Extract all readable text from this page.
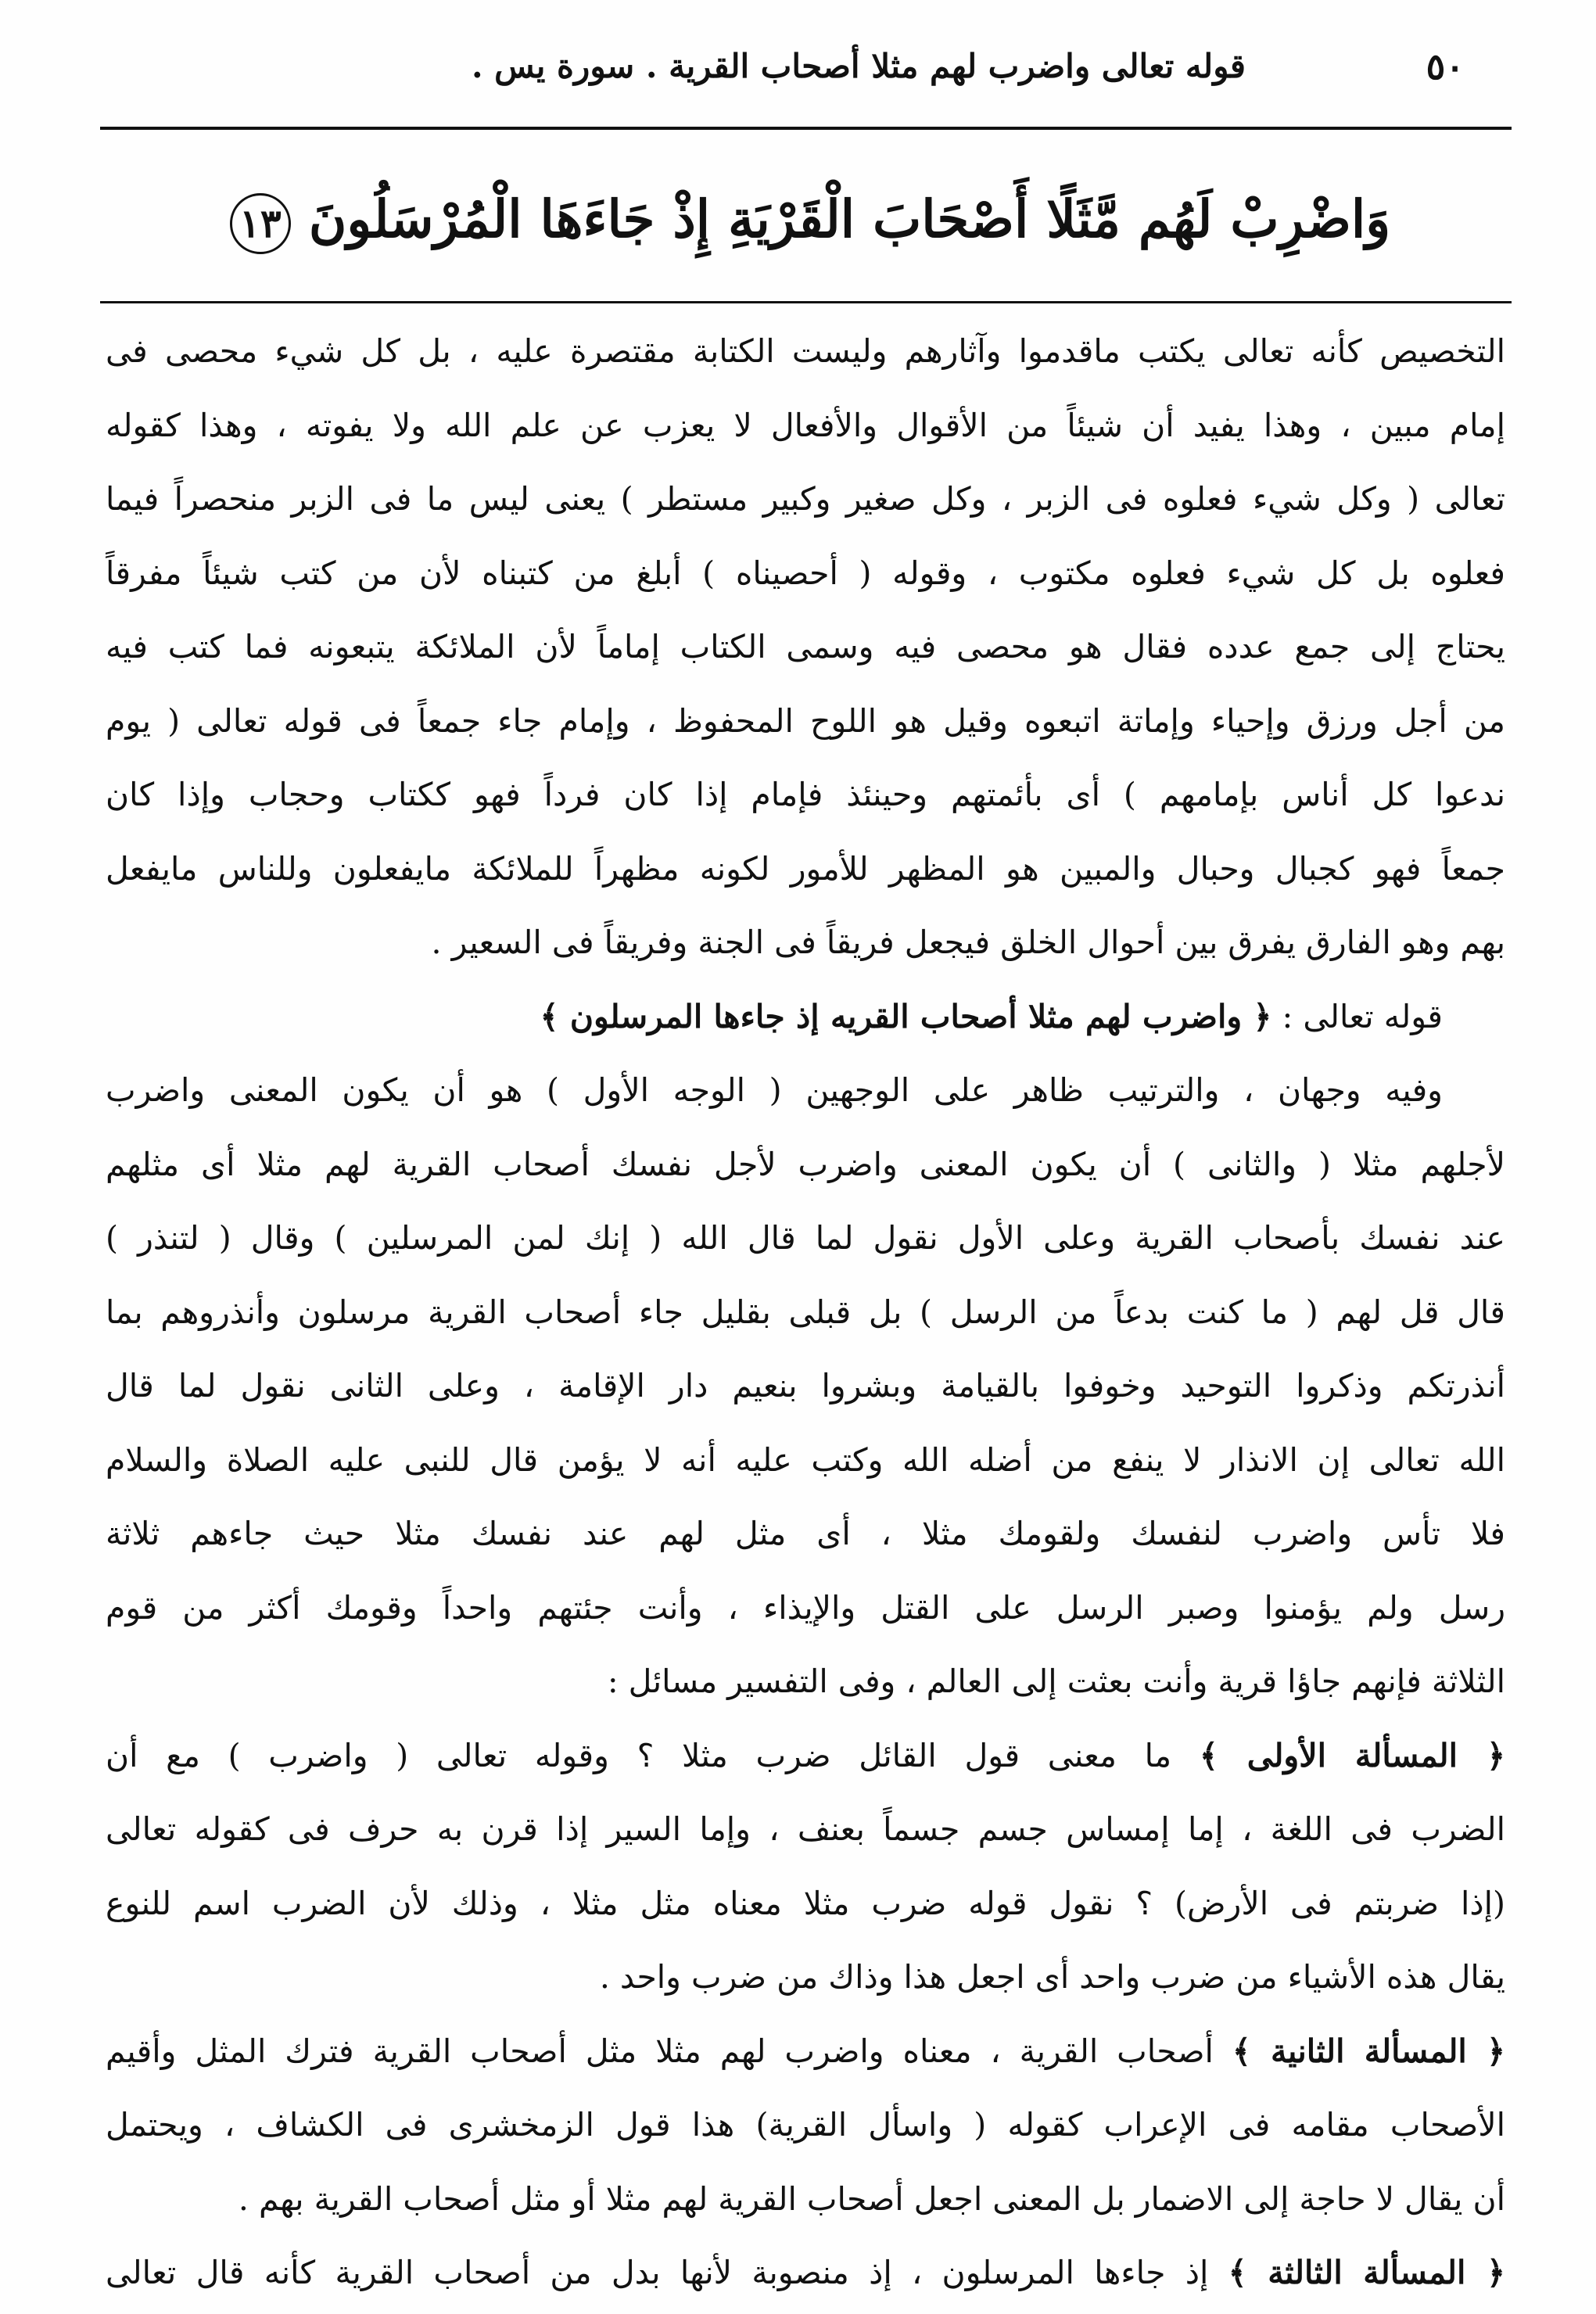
٥٠
قوله تعالى واضرب لهم مثلا أصحاب القرية . سورة يس .
وَاضْرِبْ لَهُم مَّثَلًا أَصْحَابَ الْقَرْيَةِ إِذْ جَاءَهَا الْمُرْسَلُونَ ١٣
التخصيص كأنه تعالى يكتب ماقدموا وآثارهم وليست الكتابة مقتصرة عليه ، بل كل شيء محصى فى
إمام مبين ، وهذا يفيد أن شيئاً من الأقوال والأفعال لا يعزب عن علم الله ولا يفوته ، وهذا كقوله
تعالى ( وكل شيء فعلوه فى الزبر ، وكل صغير وكبير مستطر ) يعنى ليس ما فى الزبر منحصراً فيما
فعلوه بل كل شيء فعلوه مكتوب ، وقوله ( أحصيناه ) أبلغ من كتبناه لأن من كتب شيئاً مفرقاً
يحتاج إلى جمع عدده فقال هو محصى فيه وسمى الكتاب إماماً لأن الملائكة يتبعونه فما كتب فيه
من أجل ورزق وإحياء وإماتة اتبعوه وقيل هو اللوح المحفوظ ، وإمام جاء جمعاً فى قوله تعالى ( يوم
ندعوا كل أناس بإمامهم ) أى بأئمتهم وحينئذ فإمام إذا كان فرداً فهو ككتاب وحجاب وإذا كان
جمعاً فهو كجبال وحبال والمبين هو المظهر للأمور لكونه مظهراً للملائكة مايفعلون وللناس مايفعل
بهم وهو الفارق يفرق بين أحوال الخلق فيجعل فريقاً فى الجنة وفريقاً فى السعير .
قوله تعالى : ﴿ واضرب لهم مثلا أصحاب القريه إذ جاءها المرسلون ﴾
وفيه وجهان ، والترتيب ظاهر على الوجهين ( الوجه الأول ) هو أن يكون المعنى واضرب
لأجلهم مثلا ( والثانى ) أن يكون المعنى واضرب لأجل نفسك أصحاب القرية لهم مثلا أى مثلهم
عند نفسك بأصحاب القرية وعلى الأول نقول لما قال الله ( إنك لمن المرسلين ) وقال ( لتنذر )
قال قل لهم ( ما كنت بدعاً من الرسل ) بل قبلى بقليل جاء أصحاب القرية مرسلون وأنذروهم بما
أنذرتكم وذكروا التوحيد وخوفوا بالقيامة وبشروا بنعيم دار الإقامة ، وعلى الثانى نقول لما قال
الله تعالى إن الانذار لا ينفع من أضله الله وكتب عليه أنه لا يؤمن قال للنبى عليه الصلاة والسلام
فلا تأس واضرب لنفسك ولقومك مثلا ، أى مثل لهم عند نفسك مثلا حيث جاءهم ثلاثة
رسل ولم يؤمنوا وصبر الرسل على القتل والإيذاء ، وأنت جئتهم واحداً وقومك أكثر من قوم
الثلاثة فإنهم جاؤا قرية وأنت بعثت إلى العالم ، وفى التفسير مسائل :
﴿ المسألة الأولى ﴾ ما معنى قول القائل ضرب مثلا ؟ وقوله تعالى ( واضرب ) مع أن
الضرب فى اللغة ، إما إمساس جسم جسماً بعنف ، وإما السير إذا قرن به حرف فى كقوله تعالى
(إذا ضربتم فى الأرض) ؟ نقول قوله ضرب مثلا معناه مثل مثلا ، وذلك لأن الضرب اسم للنوع
يقال هذه الأشياء من ضرب واحد أى اجعل هذا وذاك من ضرب واحد .
﴿ المسألة الثانية ﴾ أصحاب القرية ، معناه واضرب لهم مثلا مثل أصحاب القرية فترك المثل وأقيم
الأصحاب مقامه فى الإعراب كقوله ( واسأل القرية) هذا قول الزمخشرى فى الكشاف ، ويحتمل
أن يقال لا حاجة إلى الاضمار بل المعنى اجعل أصحاب القرية لهم مثلا أو مثل أصحاب القرية بهم .
﴿ المسألة الثالثة ﴾ إذ جاءها المرسلون ، إذ منصوبة لأنها بدل من أصحاب القرية كأنه قال تعالى
